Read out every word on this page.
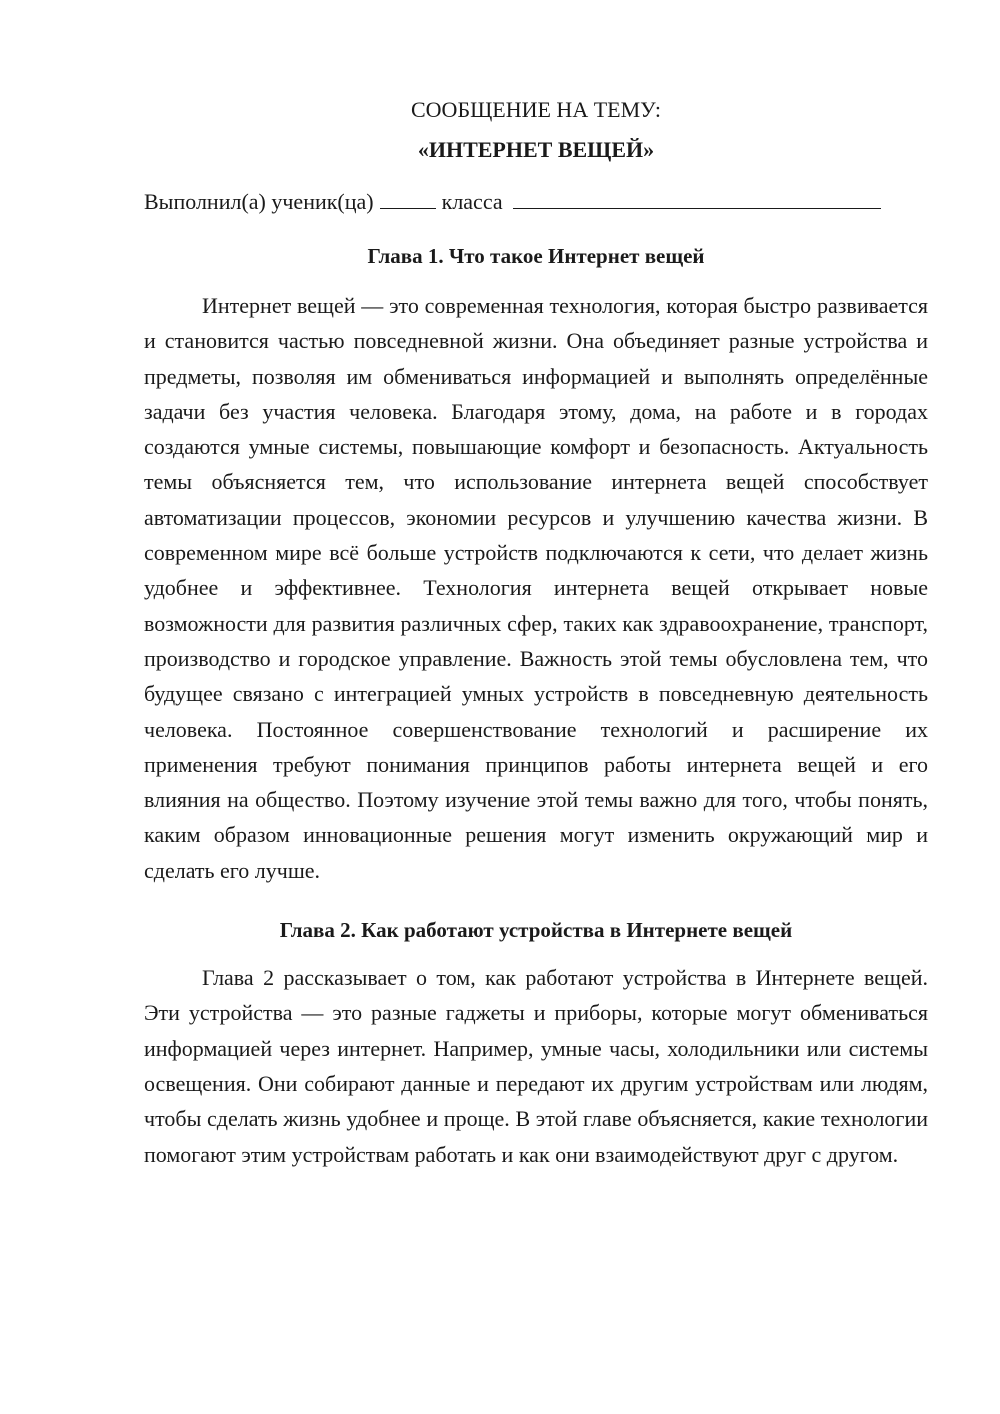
СООБЩЕНИЕ НА ТЕМУ:
«ИНТЕРНЕТ ВЕЩЕЙ»
Выполнил(а) ученик(ца)	класса
Глава 1. Что такое Интернет вещей

Интернет вещей — это современная технология, которая быстро развивается и становится частью повседневной жизни. Она объединяет разные устройства и предметы, позволяя им обмениваться информацией и выполнять определённые задачи без участия человека. Благодаря этому, дома, на работе и в городах создаются умные системы, повышающие комфорт и безопасность. Актуальность темы объясняется тем, что использование интернета вещей способствует автоматизации процессов, экономии ресурсов и улучшению качества жизни. В современном мире всё больше устройств подключаются к сети, что делает жизнь удобнее и эффективнее. Технология интернета вещей открывает новые возможности для развития различных сфер, таких как здравоохранение, транспорт, производство и городское управление. Важность этой темы обусловлена тем, что будущее связано с интеграцией умных устройств в повседневную деятельность человека. Постоянное совершенствование технологий и расширение их применения требуют понимания принципов работы интернета вещей и его влияния на общество. Поэтому изучение этой темы важно для того, чтобы понять, каким образом инновационные решения могут изменить окружающий мир и сделать его лучше.

Глава 2. Как работают устройства в Интернете вещей

Глава 2 рассказывает о том, как работают устройства в Интернете вещей. Эти устройства — это разные гаджеты и приборы, которые могут обмениваться информацией через интернет. Например, умные часы, холодильники или системы освещения. Они собирают данные и передают их другим устройствам или людям, чтобы сделать жизнь удобнее и проще. В этой главе объясняется, какие технологии помогают этим устройствам работать и как они взаимодействуют друг с другом.
